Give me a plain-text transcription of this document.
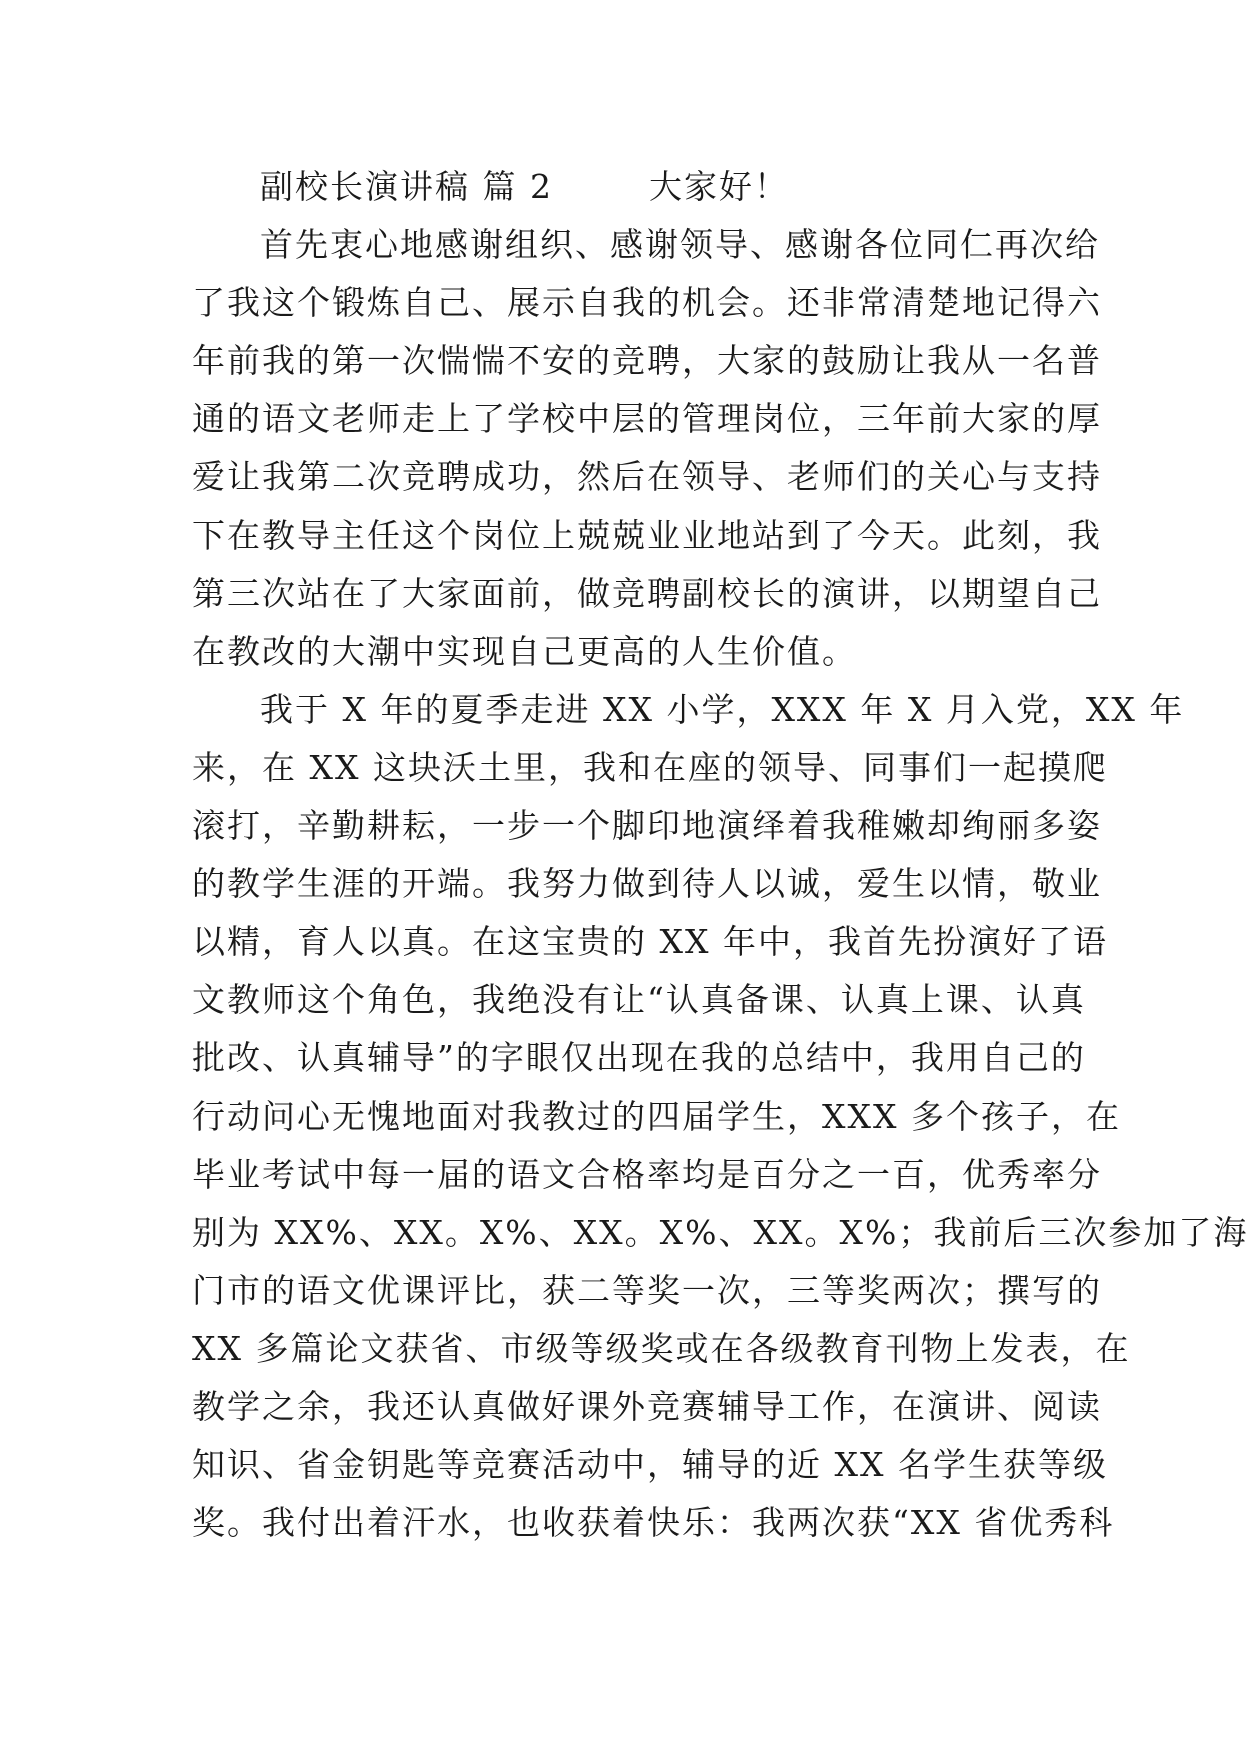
副校长演讲稿 篇 2	大家好！
首先衷心地感谢组织、感谢领导、感谢各位同仁再次给
了我这个锻炼自己、展示自我的机会。还非常清楚地记得六
年前我的第一次惴惴不安的竞聘，大家的鼓励让我从一名普
通的语文老师走上了学校中层的管理岗位，三年前大家的厚
爱让我第二次竞聘成功，然后在领导、老师们的关心与支持
下在教导主任这个岗位上兢兢业业地站到了今天。此刻，我
第三次站在了大家面前，做竞聘副校长的演讲，以期望自己
在教改的大潮中实现自己更高的人生价值。
我于 X 年的夏季走进 XX 小学，XXX 年 X 月入党，XX 年
来，在 XX 这块沃土里，我和在座的领导、同事们一起摸爬
滚打，辛勤耕耘，一步一个脚印地演绎着我稚嫩却绚丽多姿
的教学生涯的开端。我努力做到待人以诚，爱生以情，敬业
以精，育人以真。在这宝贵的 XX 年中，我首先扮演好了语
文教师这个角色，我绝没有让“认真备课、认真上课、认真
批改、认真辅导”的字眼仅出现在我的总结中，我用自己的
行动问心无愧地面对我教过的四届学生，XXX 多个孩子，在
毕业考试中每一届的语文合格率均是百分之一百，优秀率分
别为 XX%、XX。X%、XX。X%、XX。X%；我前后三次参加了海
门市的语文优课评比，获二等奖一次，三等奖两次；撰写的
XX 多篇论文获省、市级等级奖或在各级教育刊物上发表，在
教学之余，我还认真做好课外竞赛辅导工作，在演讲、阅读
知识、省金钥匙等竞赛活动中，辅导的近 XX 名学生获等级
奖。我付出着汗水，也收获着快乐：我两次获“XX 省优秀科
